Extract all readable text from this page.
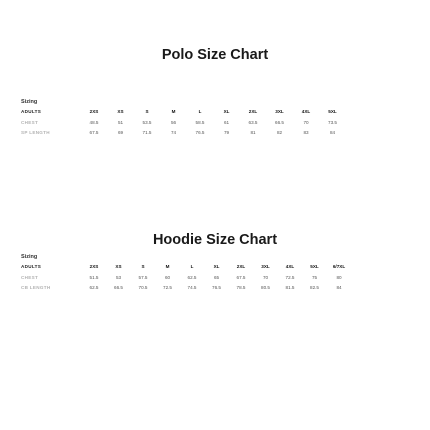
Polo Size Chart
Sizing
ADULTS	2XS	XS	S	M	L	XL	2XL	3XL	4XL	5XL
CHEST	48.5	51	53.5	56	58.5	61	63.5	66.5	70	73.5
SP LENGTH	67.5	69	71.5	74	76.5	79	81	82	83	84
Hoodie Size Chart
Sizing
ADULTS	2XS	XS	S	M	L	XL	2XL	3XL	4XL	5XL	6/7XL
CHEST	51.5	53	57.5	60	62.5	65	67.5	70	72.5	75	80
CB LENGTH	62.5	66.5	70.5	72.5	74.5	76.5	78.5	80.5	81.5	82.5	84
